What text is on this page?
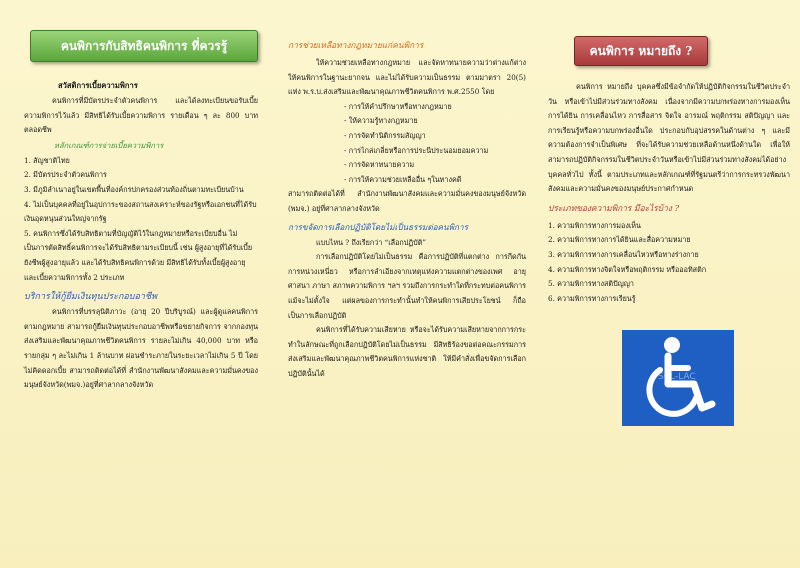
คนพิการกับสิทธิคนพิการ ที่ควรรู้
สวัสดิการเบี้ยความพิการ

คนพิการที่มีบัตรประจำตัวคนพิการ และได้ลงทะเบียนขอรับเบี้ยความพิการไว้แล้ว มีสิทธิได้รับเบี้ยความพิการ รายเดือน ๆ ละ 800 บาท ตลอดชีพ

หลักเกณฑ์การจ่ายเบี้ยความพิการ

1. สัญชาติไทย

2. มีบัตรประจำตัวคนพิการ

3. มีภูมิลำเนาอยู่ในเขตพื้นที่องค์กรปกครองส่วนท้องถิ่นตามทะเบียนบ้าน

4. ไม่เป็นบุคคลที่อยู่ในอุปการะของสถานสงเคราะห์ของรัฐหรือเอกชนที่ได้รับเงินอุดหนุนส่วนใหญ่จากรัฐ

5. คนพิการซึ่งได้รับสิทธิตามที่บัญญัติไว้ในกฎหมายหรือระเบียบอื่น ไม่เป็นการตัดสิทธิ์คนพิการจะได้รับสิทธิตามระเบียบนี้ เช่น ผู้สูงอายุที่ได้รับเบี้ยยังชีพผู้สูงอายุแล้ว และได้รับสิทธิคนพิการด้วย มีสิทธิได้รับทั้งเบี้ยผู้สูงอายุและเบี้ยความพิการทั้ง 2 ประเภท

บริการให้กู้ยืมเงินทุนประกอบอาชีพ

คนพิการที่บรรลุนิติภาวะ (อายุ 20 ปีบริบูรณ์) และผู้ดูแลคนพิการตามกฎหมาย สามารถกู้ยืมเงินทุนประกอบอาชีพหรือขยายกิจการ จากกองทุนส่งเสริมและพัฒนาคุณภาพชีวิตคนพิการ รายละไม่เกิน 40,000 บาท หรือรายกลุ่ม ๆ ละไม่เกิน 1 ล้านบาท ผ่อนชำระภายในระยะเวลาไม่เกิน 5 ปี โดยไม่คิดดอกเบี้ย สามารถติดต่อได้ที่ สำนักงานพัฒนาสังคมและความมั่นคงของมนุษย์จังหวัด(พมจ.)อยู่ที่ศาลากลางจังหวัด

การช่วยเหลือทางกฎหมายแก่คนพิการ

ให้ความช่วยเหลือทางกฎหมาย และจัดหาทนายความว่าต่างแก้ต่างให้คนพิการในฐานะยากจน และไม่ได้รับความเป็นธรรม ตามมาตรา 20(5) แห่ง พ.ร.บ.ส่งเสริมและพัฒนาคุณภาพชีวิตคนพิการ พ.ศ.2550 โดย

- การให้คำปรึกษาหรือทางกฎหมาย

- ให้ความรู้ทางกฎหมาย

- การจัดทำนิติกรรมสัญญา

- การไกล่เกลี่ยหรือการประนีประนอมยอมความ

- การจัดหาทนายความ

- การให้ความช่วยเหลืออื่น ๆในทางคดี

สามารถติดต่อได้ที่ สำนักงานพัฒนาสังคมและความมั่นคงของมนุษย์จังหวัด (พมจ.) อยู่ที่ศาลากลางจังหวัด

การขจัดการเลือกปฏิบัติโดยไม่เป็นธรรมต่อคนพิการ

แบบไหน ? ถึงเรียกว่า “เลือกปฏิบัติ”

การเลือกปฏิบัติโดยไม่เป็นธรรม คือการปฏิบัติที่แตกต่าง การกีดกัน การหน่วงเหนี่ยว หรือการลำเอียงจากเหตุแห่งความแตกต่างของเพศ อายุ ศาสนา ภาษา สภาพความพิการ ฯลฯ รวมถึงการกระทำใดที่กระทบต่อคนพิการ แม้จะไม่ตั้งใจ แต่ผลของการกระทำนั้นทำให้คนพิการเสียประโยชน์ ก็ถือเป็นการเลือกปฏิบัติ

คนพิการที่ได้รับความเสียหาย หรือจะได้รับความเสียหายจากการกระทำในลักษณะที่ถูกเลือกปฏิบัติโดยไม่เป็นธรรม มีสิทธิร้องขอต่อคณะกรรมการส่งเสริมและพัฒนาคุณภาพชีวิตคนพิการแห่งชาติ ให้มีคำสั่งเพื่อขจัดการเลือกปฏิบัตินั้นได้

คนพิการ หมายถึง ?

คนพิการ หมายถึง บุคคลซึ่งมีข้อจำกัดให้ปฏิบัติกิจกรรมในชีวิตประจำวัน หรือเข้าไปมีส่วนร่วมทางสังคม เนื่องจากมีความบกพร่องทางการมองเห็น การได้ยิน การเคลื่อนไหว การสื่อสาร จิตใจ อารมณ์ พฤติกรรม สติปัญญา และการเรียนรู้หรือความบกพร่องอื่นใด ประกอบกับอุปสรรคในด้านต่าง ๆ และมีความต้องการจำเป็นพิเศษ ที่จะได้รับความช่วยเหลือด้านหนึ่งด้านใด เพื่อให้สามารถปฏิบัติกิจกรรมในชีวิตประจำวันหรือเข้าไปมีส่วนร่วมทางสังคมได้อย่างบุคคลทั่วไป ทั้งนี้ ตามประเภทและหลักเกณฑ์ที่รัฐมนตรีว่าการกระทรวงพัฒนาสังคมและความมั่นคงของมนุษย์ประกาศกำหนด

ประเภทของความพิการ มีอะไรบ้าง ?

1. ความพิการทางการมองเห็น

2. ความพิการทางการได้ยินและสื่อความหมาย

3. ความพิการทางการเคลื่อนไหวหรือทางร่างกาย

4. ความพิการทางจิตใจหรือพฤติกรรม หรือออทิสติก

5. ความพิการทางสติปัญญา

6. ความพิการทางการเรียนรู้

SCL-LAC
